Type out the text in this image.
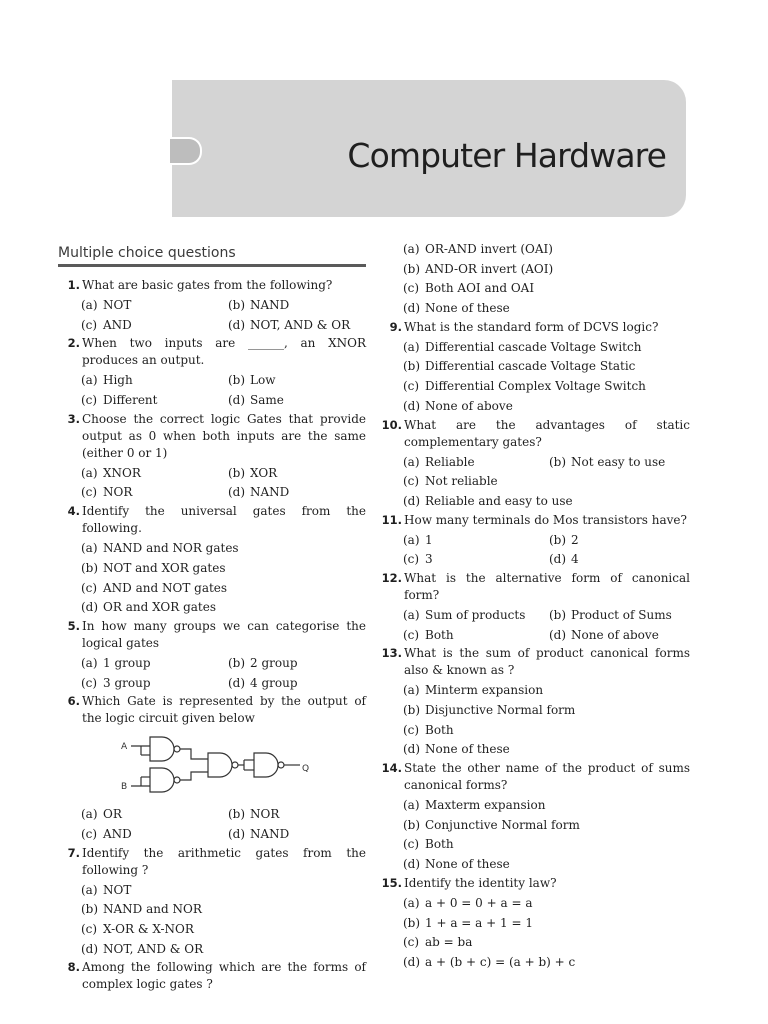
Computer Hardware
Multiple choice questions
1. What are basic gates from the following?
(a) NOT	(b) NAND
(c) AND	(d) NOT, AND & OR
2. When two inputs are ______, an XNOR produces an output.
(a) High	(b) Low
(c) Different	(d) Same
3. Choose the correct logic Gates that provide output as 0 when both inputs are the same (either 0 or 1)
(a) XNOR	(b) XOR
(c) NOR	(d) NAND
4. Identify the universal gates from the following.
(a) NAND and NOR gates
(b) NOT and XOR gates
(c) AND and NOT gates
(d) OR and XOR gates
5. In how many groups we can categorise the logical gates
(a) 1 group	(b) 2 group
(c) 3 group	(d) 4 group
6. Which Gate is represented by the output of the logic circuit given below
A
B
Q
(a) OR	(b) NOR
(c) AND	(d) NAND
7. Identify the arithmetic gates from the following ?
(a) NOT
(b) NAND and NOR
(c) X-OR & X-NOR
(d) NOT, AND & OR
8. Among the following which are the forms of complex logic gates ?
(a) OR-AND invert (OAI)
(b) AND-OR invert (AOI)
(c) Both AOI and OAI
(d) None of these
9. What is the standard form of DCVS logic?
(a) Differential cascade Voltage Switch
(b) Differential cascade Voltage Static
(c) Differential Complex Voltage Switch
(d) None of above
10. What are the advantages of static complementary gates?
(a) Reliable	(b) Not easy to use
(c) Not reliable
(d) Reliable and easy to use
11. How many terminals do Mos transistors have?
(a) 1	(b) 2
(c) 3	(d) 4
12. What is the alternative form of canonical form?
(a) Sum of products (b) Product of Sums
(c) Both	(d) None of above
13. What is the sum of product canonical forms also & known as ?
(a) Minterm expansion
(b) Disjunctive Normal form
(c) Both
(d) None of these
14. State the other name of the product of sums canonical forms?
(a) Maxterm expansion
(b) Conjunctive Normal form
(c) Both
(d) None of these
15. Identify the identity law?
(a) a + 0 = 0 + a = a
(b) 1 + a = a + 1 = 1
(c) ab = ba
(d) a + (b + c) = (a + b) + c
